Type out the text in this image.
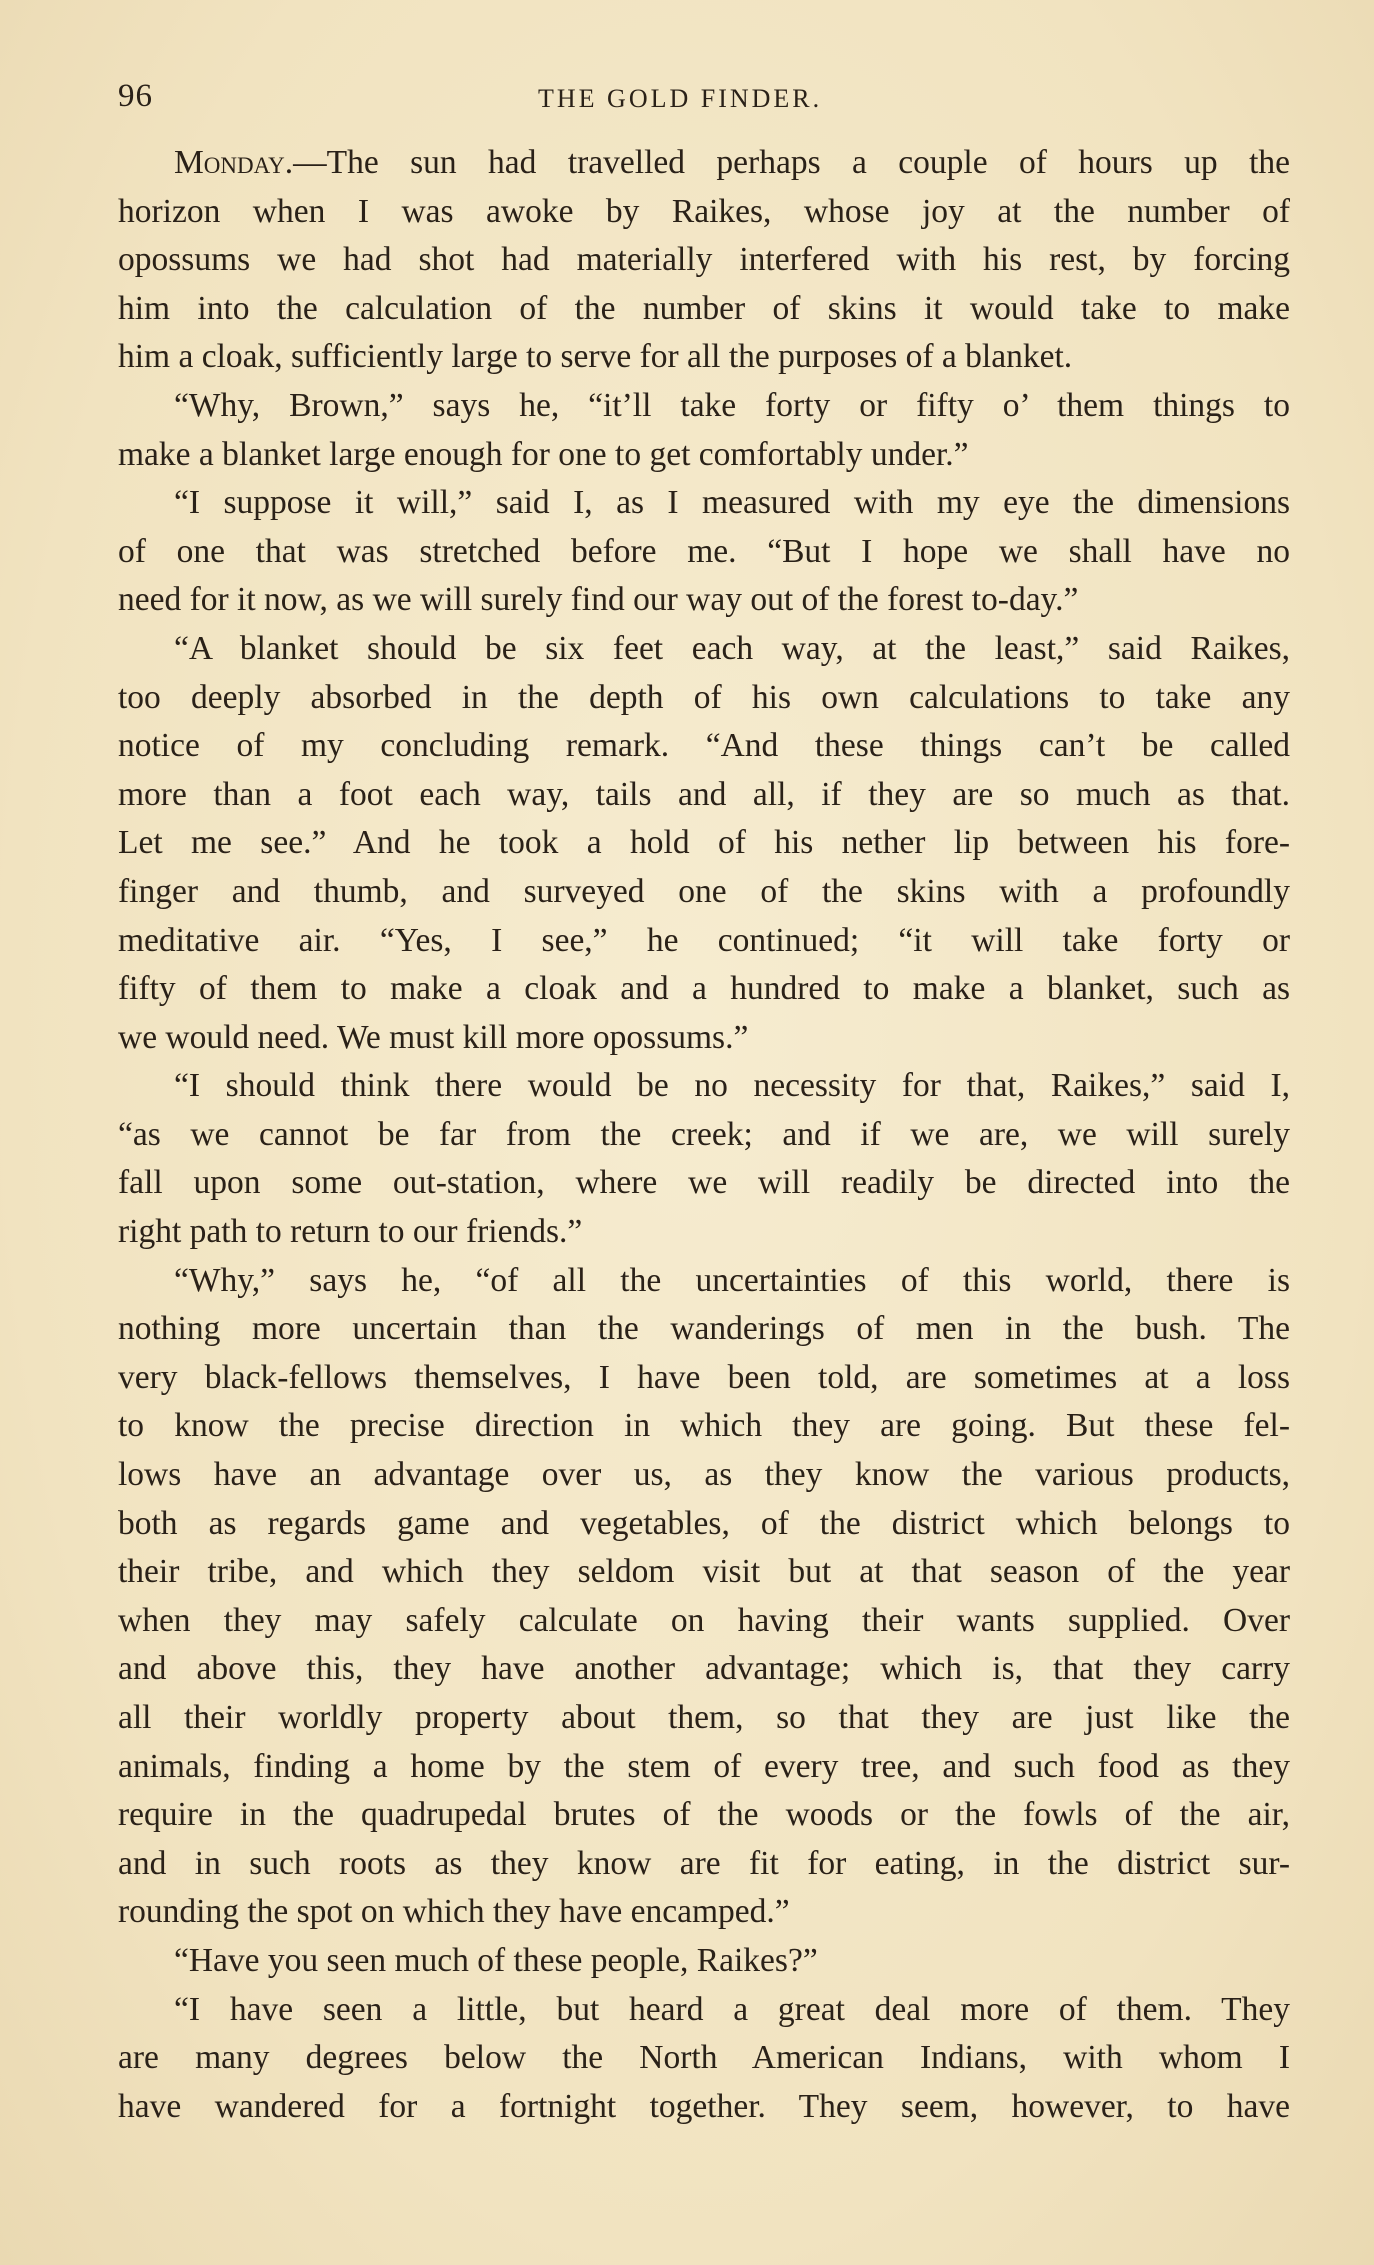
96	THE GOLD FINDER.
Monday.—The sun had travelled perhaps a couple of hours up the
horizon when I was awoke by Raikes, whose joy at the number of
opossums we had shot had materially interfered with his rest, by forcing
him into the calculation of the number of skins it would take to make
him a cloak, sufficiently large to serve for all the purposes of a blanket.
“Why, Brown,” says he, “it’ll take forty or fifty o’ them things to
make a blanket large enough for one to get comfortably under.”
“I suppose it will,” said I, as I measured with my eye the dimensions
of one that was stretched before me. “But I hope we shall have no
need for it now, as we will surely find our way out of the forest to-day.”
“A blanket should be six feet each way, at the least,” said Raikes,
too deeply absorbed in the depth of his own calculations to take any
notice of my concluding remark. “And these things can’t be called
more than a foot each way, tails and all, if they are so much as that.
Let me see.” And he took a hold of his nether lip between his fore-
finger and thumb, and surveyed one of the skins with a profoundly
meditative air. “Yes, I see,” he continued; “it will take forty or
fifty of them to make a cloak and a hundred to make a blanket, such as
we would need. We must kill more opossums.”
“I should think there would be no necessity for that, Raikes,” said I,
“as we cannot be far from the creek; and if we are, we will surely
fall upon some out-station, where we will readily be directed into the
right path to return to our friends.”
“Why,” says he, “of all the uncertainties of this world, there is
nothing more uncertain than the wanderings of men in the bush. The
very black-fellows themselves, I have been told, are sometimes at a loss
to know the precise direction in which they are going. But these fel-
lows have an advantage over us, as they know the various products,
both as regards game and vegetables, of the district which belongs to
their tribe, and which they seldom visit but at that season of the year
when they may safely calculate on having their wants supplied. Over
and above this, they have another advantage; which is, that they carry
all their worldly property about them, so that they are just like the
animals, finding a home by the stem of every tree, and such food as they
require in the quadrupedal brutes of the woods or the fowls of the air,
and in such roots as they know are fit for eating, in the district sur-
rounding the spot on which they have encamped.”
“Have you seen much of these people, Raikes?”
“I have seen a little, but heard a great deal more of them. They
are many degrees below the North American Indians, with whom I
have wandered for a fortnight together. They seem, however, to have
